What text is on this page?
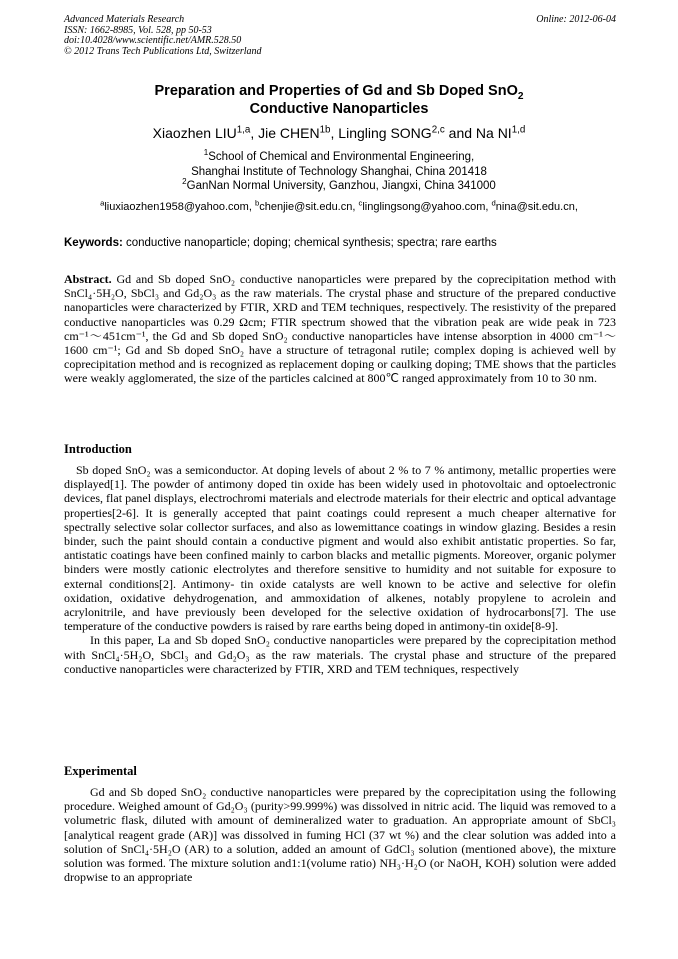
Advanced Materials Research
ISSN: 1662-8985, Vol. 528, pp 50-53
doi:10.4028/www.scientific.net/AMR.528.50
© 2012 Trans Tech Publications Ltd, Switzerland
Online: 2012-06-04
Preparation and Properties of Gd and Sb Doped SnO$_2$
Conductive Nanoparticles
Xiaozhen LIU$^{1,a}$, Jie $CHEN^{1b}$, Lingling SONG$^{2,c}$ and Na NI$^{1,d}$
$^1$School of Chemical and Environmental Engineering,
Shanghai Institute of Technology Shanghai, China 201418
$^2$GanNan Normal University, Ganzhou, Jiangxi, China 341000
$^a$liuxiaozhen1958@yahoo.com, $^b$chenjie@sit.edu.cn, $^c$linglingsong@yahoo.com, $^d$nina@sit.edu.cn,
Keywords: conductive nanoparticle; doping; chemical synthesis; spectra; rare earths

Abstract. Gd and Sb doped SnO₂ conductive nanoparticles were prepared by the coprecipitation method with SnCl₄·5H₂O, SbCl₃ and Gd₂O₃ as the raw materials. The crystal phase and structure of the prepared conductive nanoparticles were characterized by FTIR, XRD and TEM techniques, respectively. The resistivity of the prepared conductive nanoparticles was 0.29 Ωcm; FTIR spectrum showed that the vibration peak are wide peak in 723 cm⁻¹～451cm⁻¹, the Gd and Sb doped SnO₂ conductive nanoparticles have intense absorption in 4000 cm⁻¹～1600 cm⁻¹; Gd and Sb doped SnO₂ have a structure of tetragonal rutile; complex doping is achieved well by coprecipitation method and is recognized as replacement doping or caulking doping; TME shows that the particles were weakly agglomerated, the size of the particles calcined at 800℃ ranged approximately from 10 to 30 nm.

Introduction

Sb doped SnO₂ was a semiconductor. At doping levels of about 2 % to 7 % antimony, metallic properties were displayed[1]. The powder of antimony doped tin oxide has been widely used in photovoltaic and optoelectronic devices, flat panel displays, electrochromi materials and electrode materials for their electric and optical advantage properties[2-6]. It is generally accepted that paint coatings could represent a much cheaper alternative for spectrally selective solar collector surfaces, and also as lowemittance coatings in window glazing. Besides a resin binder, such the paint should contain a conductive pigment and would also exhibit antistatic properties. So far, antistatic coatings have been confined mainly to carbon blacks and metallic pigments. Moreover, organic polymer binders were mostly cationic electrolytes and therefore sensitive to humidity and not suitable for exposure to external conditions[2]. Antimony- tin oxide catalysts are well known to be active and selective for olefin oxidation, oxidative dehydrogenation, and ammoxidation of alkenes, notably propylene to acrolein and acrylonitrile, and have previously been developed for the selective oxidation of hydrocarbons[7]. The use temperature of the conductive powders is raised by rare earths being doped in antimony-tin oxide[8-9].

In this paper, La and Sb doped SnO₂ conductive nanoparticles were prepared by the coprecipitation method with SnCl₄·5H₂O, SbCl₃ and Gd₂O₃ as the raw materials. The crystal phase and structure of the prepared conductive nanoparticles were characterized by FTIR, XRD and TEM techniques, respectively

Experimental

Gd and Sb doped SnO₂ conductive nanoparticles were prepared by the coprecipitation using the following procedure. Weighed amount of Gd₂O₃ (purity>99.999%) was dissolved in nitric acid. The liquid was removed to a volumetric flask, diluted with amount of demineralized water to graduation. An appropriate amount of SbCl₃ [analytical reagent grade (AR)] was dissolved in fuming HCl (37 wt %) and the clear solution was added into a solution of SnCl₄·5H₂O (AR) to a solution, added an amount of GdCl₃ solution (mentioned above), the mixture solution was formed. The mixture solution and1:1(volume ratio) NH₃·H₂O (or NaOH, KOH) solution were added dropwise to an appropriate
